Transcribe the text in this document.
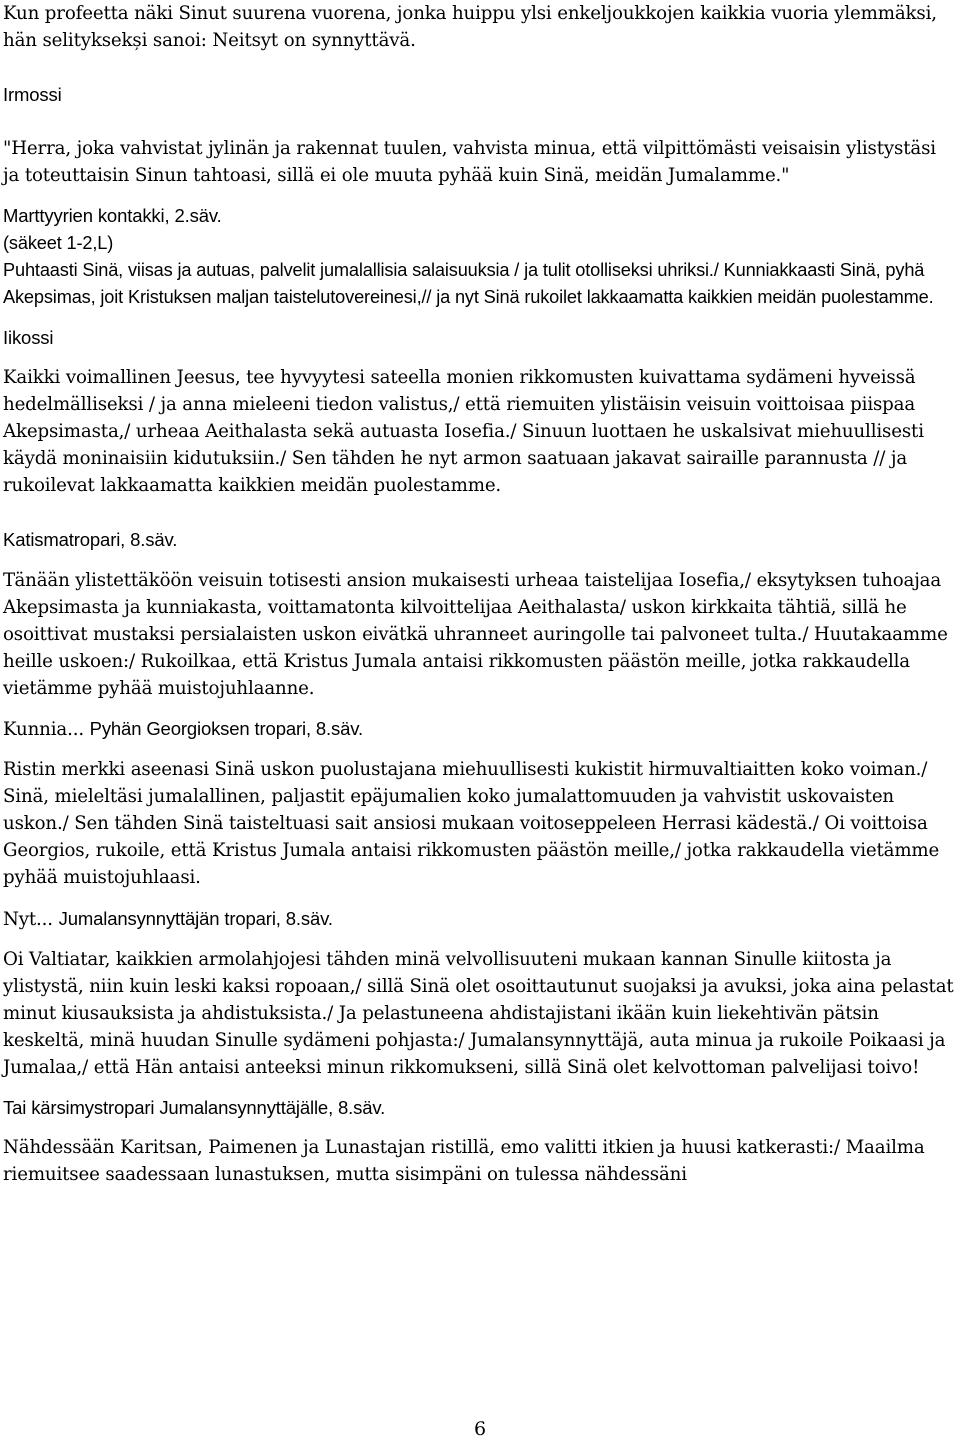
Kun profeetta näki Sinut suurena vuorena, jonka huippu ylsi enkeljoukkojen kaikkia vuoria ylemmäksi, hän selityksekși sanoi: Neitsyt on synnyttävä.

Irmossi

"Herra, joka vahvistat jylinän ja rakennat tuulen, vahvista minua, että vilpittömästi veisaisin ylistystäsi ja toteuttaisin Sinun tahtoasi, sillä ei ole muuta pyhää kuin Sinä, meidän Jumalamme."

Marttyyrien kontakki, 2.säv.

(säkeet 1-2,L)

Puhtaasti Sinä, viisas ja autuas, palvelit jumalallisia salaisuuksia / ja tulit otolliseksi uhriksi./ Kunniakkaasti Sinä, pyhä Akepsimas, joit Kristuksen maljan taistelutovereinesi,// ja nyt Sinä rukoilet lakkaamatta kaikkien meidän puolestamme.

Iikossi

Kaikki voimallinen Jeesus, tee hyvyytesi sateella monien rikkomusten kuivattama sydämeni hyveissä hedelmälliseksi / ja anna mieleeni tiedon valistus,/ että riemuiten ylistäisin veisuin voittoisaa piispaa Akepsimasta,/ urheaa Aeithalasta sekä autuasta Iosefia./ Sinuun luottaen he uskalsivat miehuullisesti käydä moninaisiin kidutuksiin./ Sen tähden he nyt armon saatuaan jakavat sairaille parannusta // ja rukoilevat lakkaamatta kaikkien meidän puolestamme.

Katismatropari, 8.säv.

Tänään ylistettäköön veisuin totisesti ansion mukaisesti urheaa taistelijaa Iosefia,/ eksytyksen tuhoajaa Akepsimasta ja kunniakasta, voittamatonta kilvoittelijaa Aeithalasta/ uskon kirkkaita tähtiä, sillä he osoittivat mustaksi persialaisten uskon eivätkä uhranneet auringolle tai palvoneet tulta./ Huutakaamme heille uskoen:/ Rukoilkaa, että Kristus Jumala antaisi rikkomusten päästön meille, jotka rakkaudella vietämme pyhää muistojuhlaanne.

Kunnia... Pyhän Georgioksen tropari, 8.säv.

Ristin merkki aseenasi Sinä uskon puolustajana miehuullisesti kukistit hirmuvaltiaitten koko voiman./ Sinä, mieleltäsi jumalallinen, paljastit epäjumalien koko jumalattomuuden ja vahvistit uskovaisten uskon./ Sen tähden Sinä taisteltuasi sait ansiosi mukaan voitoseppeleen Herrasi kädestä./ Oi voittoisa Georgios, rukoile, että Kristus Jumala antaisi rikkomusten päästön meille,/ jotka rakkaudella vietämme pyhää muistojuhlaasi.

Nyt... Jumalansynnyttäjän tropari, 8.säv.

Oi Valtiatar, kaikkien armolahjojesi tähden minä velvollisuuteni mukaan kannan Sinulle kiitosta ja ylistystä, niin kuin leski kaksi ropoaan,/ sillä Sinä olet osoittautunut suojaksi ja avuksi, joka aina pelastat minut kiusauksista ja ahdistuksista./ Ja pelastuneena ahdistajistani ikään kuin liekehtivän pätsin keskeltä, minä huudan Sinulle sydämeni pohjasta:/ Jumalansynnyttäjä, auta minua ja rukoile Poikaasi ja Jumalaa,/ että Hän antaisi anteeksi minun rikkomukseni, sillä Sinä olet kelvottoman palvelijasi toivo!

Tai kärsimystropari Jumalansynnyttäjälle, 8.säv.

Nähdessään Karitsan, Paimenen ja Lunastajan ristillä, emo valitti itkien ja huusi katkerasti:/ Maailma riemuitsee saadessaan lunastuksen, mutta sisimpäni on tulessa nähdessäni

6
